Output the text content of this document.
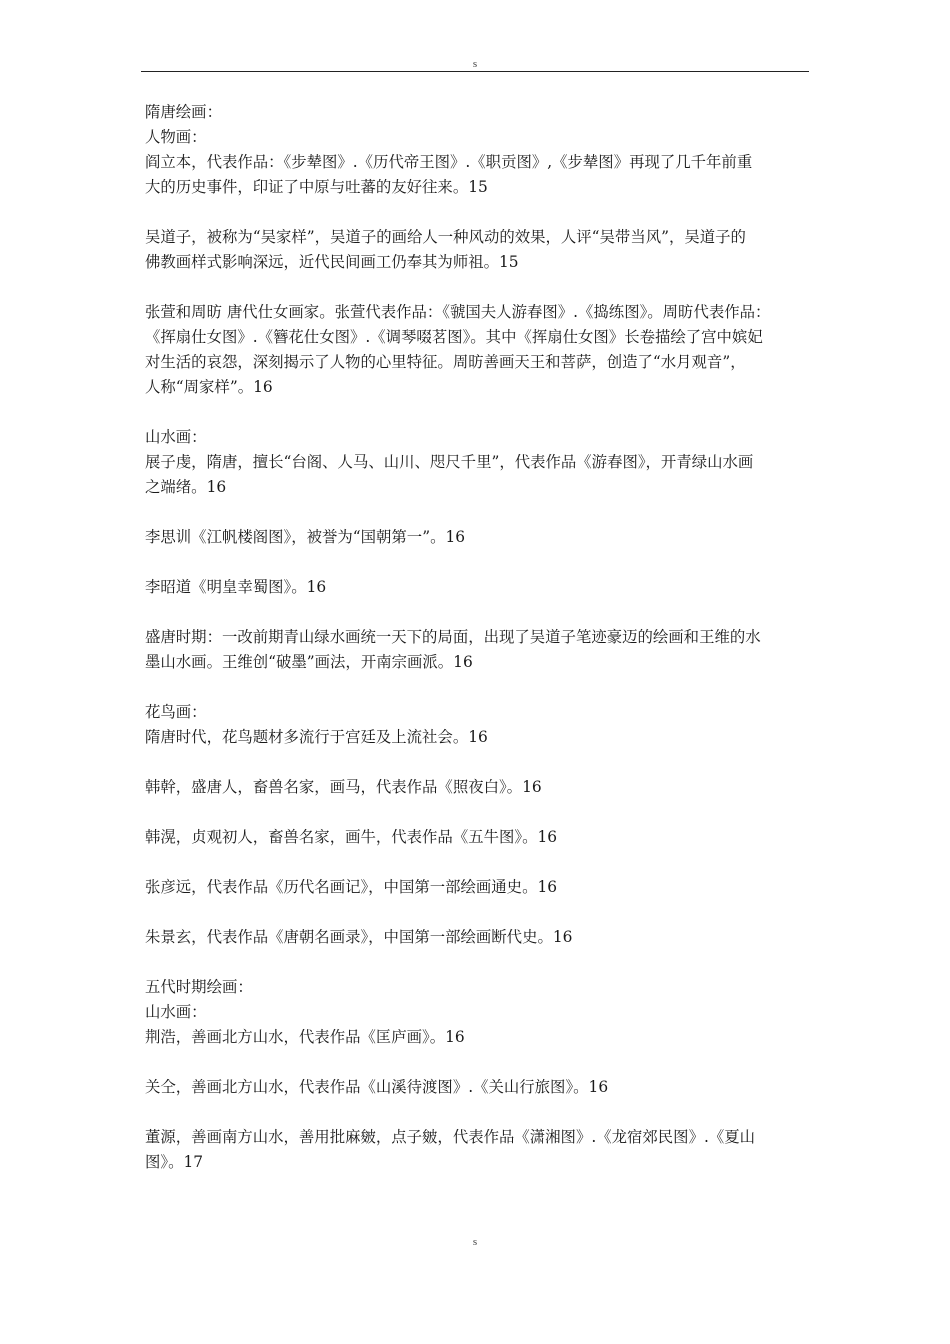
s
隋唐绘画：
人物画：
阎立本，代表作品：《步辇图》.《历代帝王图》.《职贡图》,《步辇图》再现了几千年前重
大的历史事件，印证了中原与吐蕃的友好往来。15
吴道子，被称为“吴家样”，吴道子的画给人一种风动的效果，人评“吴带当风”，吴道子的
佛教画样式影响深远，近代民间画工仍奉其为师祖。15
张萱和周昉 唐代仕女画家。张萱代表作品：《虢国夫人游春图》.《捣练图》。周昉代表作品：
《挥扇仕女图》.《簪花仕女图》.《调琴啜茗图》。其中《挥扇仕女图》长卷描绘了宫中嫔妃
对生活的哀怨，深刻揭示了人物的心里特征。周昉善画天王和菩萨，创造了“水月观音”，
人称“周家样”。16
山水画：
展子虔，隋唐，擅长“台阁、人马、山川、咫尺千里”，代表作品《游春图》，开青绿山水画
之端绪。16
李思训《江帆楼阁图》，被誉为“国朝第一”。16
李昭道《明皇幸蜀图》。16
盛唐时期：一改前期青山绿水画统一天下的局面，出现了吴道子笔迹豪迈的绘画和王维的水
墨山水画。王维创“破墨”画法，开南宗画派。16
花鸟画：
隋唐时代，花鸟题材多流行于宫廷及上流社会。16
韩幹，盛唐人，畜兽名家，画马，代表作品《照夜白》。16
韩滉，贞观初人，畜兽名家，画牛，代表作品《五牛图》。16
张彦远，代表作品《历代名画记》，中国第一部绘画通史。16
朱景玄，代表作品《唐朝名画录》，中国第一部绘画断代史。16
五代时期绘画：
山水画：
荆浩，善画北方山水，代表作品《匡庐画》。16
关仝，善画北方山水，代表作品《山溪待渡图》.《关山行旅图》。16
董源，善画南方山水，善用批麻皴，点子皴，代表作品《潇湘图》.《龙宿郊民图》.《夏山
图》。17
s
